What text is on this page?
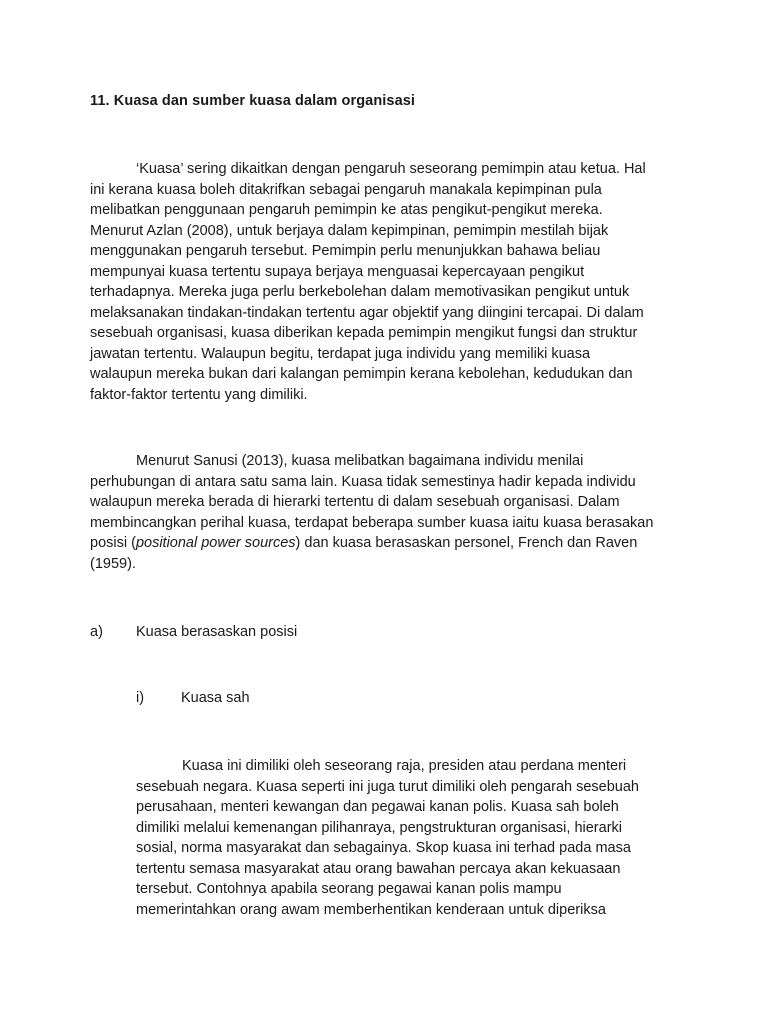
11. Kuasa dan sumber kuasa dalam organisasi

‘Kuasa’ sering dikaitkan dengan pengaruh seseorang pemimpin atau ketua. Hal
ini kerana kuasa boleh ditakrifkan sebagai pengaruh manakala kepimpinan pula
melibatkan penggunaan pengaruh pemimpin ke atas pengikut-pengikut mereka.
Menurut Azlan (2008), untuk berjaya dalam kepimpinan, pemimpin mestilah bijak
menggunakan pengaruh tersebut. Pemimpin perlu menunjukkan bahawa beliau
mempunyai kuasa tertentu supaya berjaya menguasai kepercayaan pengikut
terhadapnya. Mereka juga perlu berkebolehan dalam memotivasikan pengikut untuk
melaksanakan tindakan-tindakan tertentu agar objektif yang diingini tercapai. Di dalam
sesebuah organisasi, kuasa diberikan kepada pemimpin mengikut fungsi dan struktur
jawatan tertentu. Walaupun begitu, terdapat juga individu yang memiliki kuasa
walaupun mereka bukan dari kalangan pemimpin kerana kebolehan, kedudukan dan
faktor-faktor tertentu yang dimiliki.

Menurut Sanusi (2013), kuasa melibatkan bagaimana individu menilai
perhubungan di antara satu sama lain. Kuasa tidak semestinya hadir kepada individu
walaupun mereka berada di hierarki tertentu di dalam sesebuah organisasi. Dalam
membincangkan perihal kuasa, terdapat beberapa sumber kuasa iaitu kuasa berasakan
posisi (positional power sources) dan kuasa berasaskan personel, French dan Raven
(1959).

a) Kuasa berasaskan posisi
i)	Kuasa sah

Kuasa ini dimiliki oleh seseorang raja, presiden atau perdana menteri
sesebuah negara. Kuasa seperti ini juga turut dimiliki oleh pengarah sesebuah
perusahaan, menteri kewangan dan pegawai kanan polis. Kuasa sah boleh
dimiliki melalui kemenangan pilihanraya, pengstrukturan organisasi, hierarki
sosial, norma masyarakat dan sebagainya. Skop kuasa ini terhad pada masa
tertentu semasa masyarakat atau orang bawahan percaya akan kekuasaan
tersebut. Contohnya apabila seorang pegawai kanan polis mampu
memerintahkan orang awam memberhentikan kenderaan untuk diperiksa
